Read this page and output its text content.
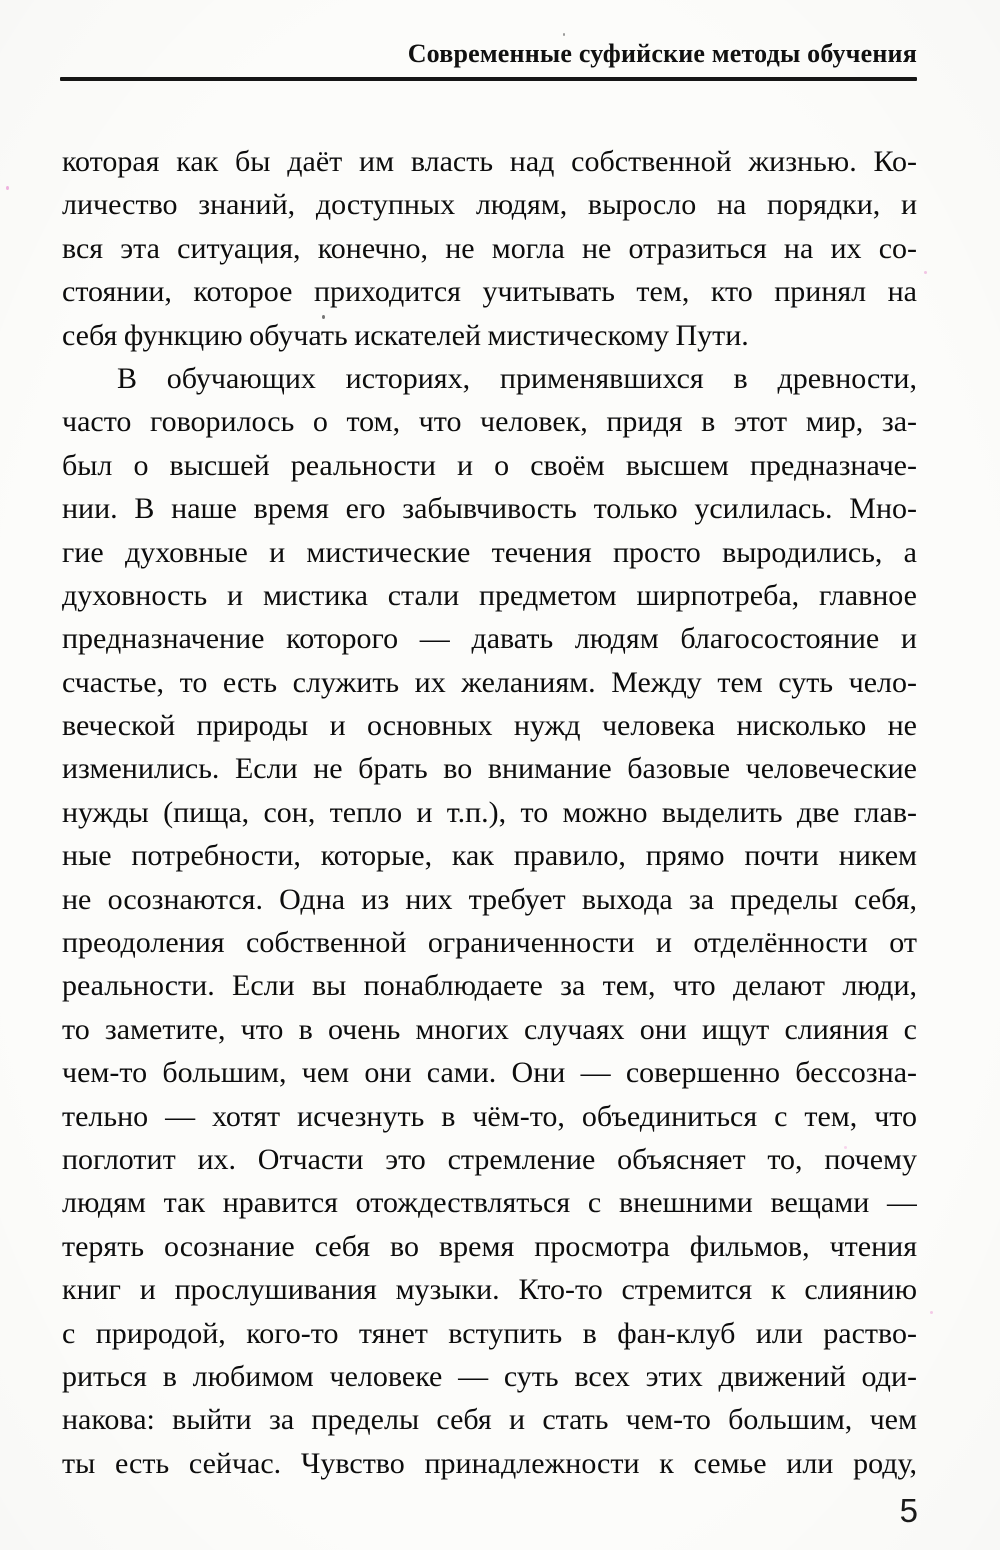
Современные суфийские методы обучения
которая как бы даёт им власть над собственной жизнью. Ко-
личество знаний, доступных людям, выросло на порядки, и
вся эта ситуация, конечно, не могла не отразиться на их со-
стоянии, которое приходится учитывать тем, кто принял на
себя функцию обучать искателей мистическому Пути.
В обучающих историях, применявшихся в древности,
часто говорилось о том, что человек, придя в этот мир, за-
был о высшей реальности и о своём высшем предназначе-
нии. В наше время его забывчивость только усилилась. Мно-
гие духовные и мистические течения просто выродились, а
духовность и мистика стали предметом ширпотреба, главное
предназначение которого — давать людям благосостояние и
счастье, то есть служить их желаниям. Между тем суть чело-
веческой природы и основных нужд человека нисколько не
изменились. Если не брать во внимание базовые человеческие
нужды (пища, сон, тепло и т.п.), то можно выделить две глав-
ные потребности, которые, как правило, прямо почти никем
не осознаются. Одна из них требует выхода за пределы себя,
преодоления собственной ограниченности и отделённости от
реальности. Если вы понаблюдаете за тем, что делают люди,
то заметите, что в очень многих случаях они ищут слияния с
чем-то большим, чем они сами. Они — совершенно бессозна-
тельно — хотят исчезнуть в чём-то, объединиться с тем, что
поглотит их. Отчасти это стремление объясняет то, почему
людям так нравится отождествляться с внешними вещами —
терять осознание себя во время просмотра фильмов, чтения
книг и прослушивания музыки. Кто-то стремится к слиянию
с природой, кого-то тянет вступить в фан-клуб или раство-
риться в любимом человеке — суть всех этих движений оди-
накова: выйти за пределы себя и стать чем-то большим, чем
ты есть сейчас. Чувство принадлежности к семье или роду,
5
